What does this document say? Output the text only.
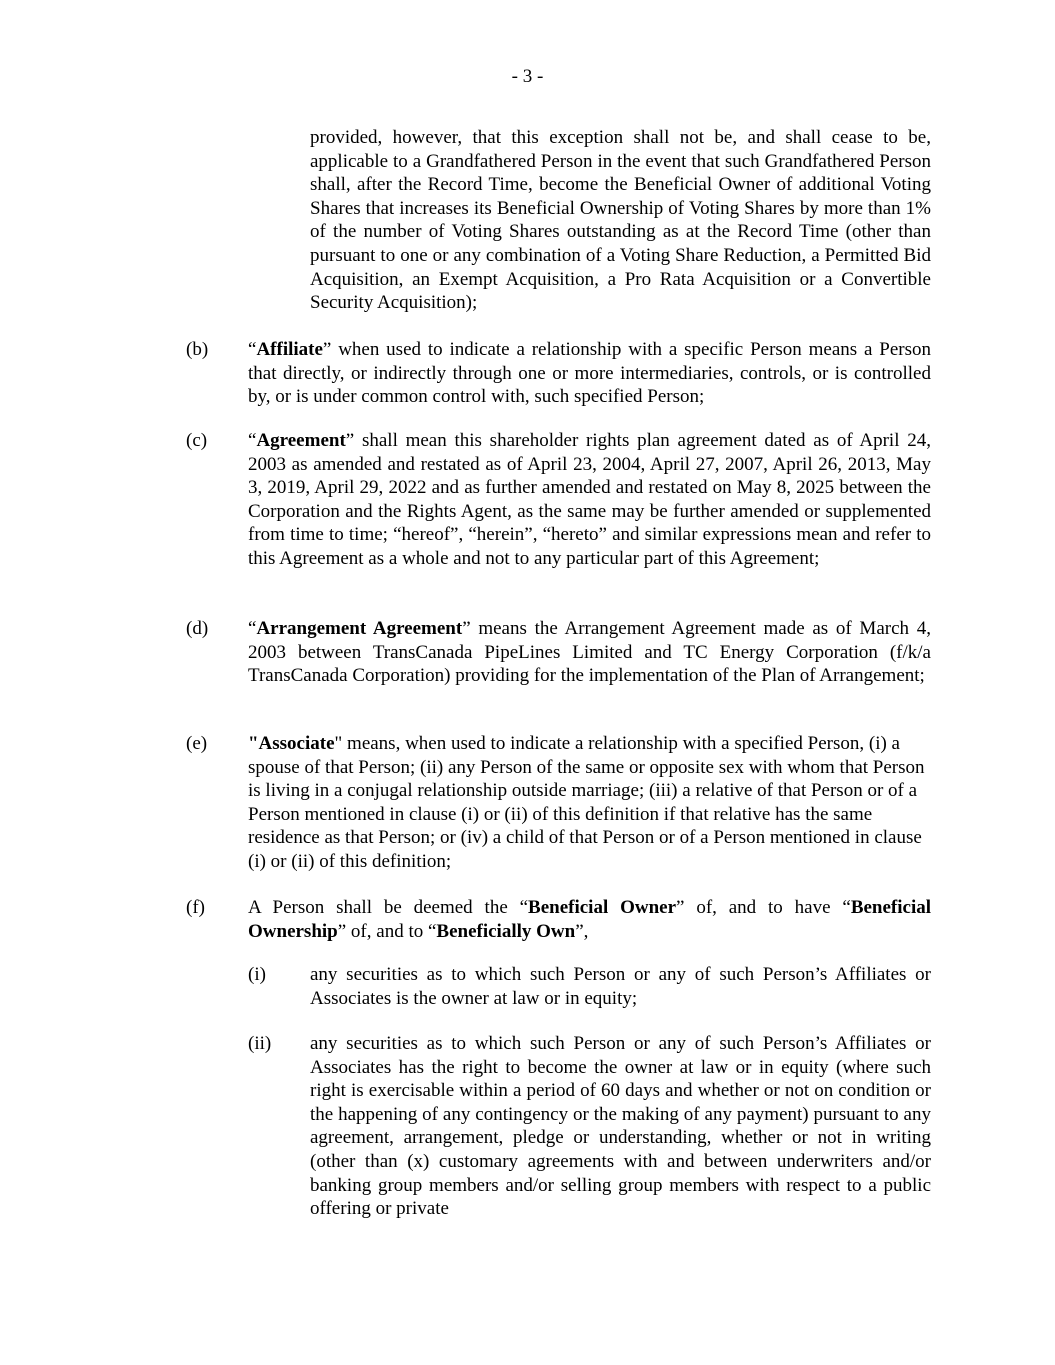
- 3 -

provided, however, that this exception shall not be, and shall cease to be, applicable to a Grandfathered Person in the event that such Grandfathered Person shall, after the Record Time, become the Beneficial Owner of additional Voting Shares that increases its Beneficial Ownership of Voting Shares by more than 1% of the number of Voting Shares outstanding as at the Record Time (other than pursuant to one or any combination of a Voting Share Reduction, a Permitted Bid Acquisition, an Exempt Acquisition, a Pro Rata Acquisition or a Convertible Security Acquisition);

(b) “Affiliate” when used to indicate a relationship with a specific Person means a Person that directly, or indirectly through one or more intermediaries, controls, or is controlled by, or is under common control with, such specified Person;

(c) “Agreement” shall mean this shareholder rights plan agreement dated as of April 24, 2003 as amended and restated as of April 23, 2004, April 27, 2007, April 26, 2013, May 3, 2019, April 29, 2022 and as further amended and restated on May 8, 2025 between the Corporation and the Rights Agent, as the same may be further amended or supplemented from time to time; “hereof”, “herein”, “hereto” and similar expressions mean and refer to this Agreement as a whole and not to any particular part of this Agreement;

(d) “Arrangement Agreement” means the Arrangement Agreement made as of March 4, 2003 between TransCanada PipeLines Limited and TC Energy Corporation (f/k/a TransCanada Corporation) providing for the implementation of the Plan of Arrangement;

(e) "Associate" means, when used to indicate a relationship with a specified Person, (i) a spouse of that Person; (ii) any Person of the same or opposite sex with whom that Person is living in a conjugal relationship outside marriage; (iii) a relative of that Person or of a Person mentioned in clause (i) or (ii) of this definition if that relative has the same residence as that Person; or (iv) a child of that Person or of a Person mentioned in clause (i) or (ii) of this definition;

(f) A Person shall be deemed the “Beneficial Owner” of, and to have “Beneficial Ownership” of, and to “Beneficially Own”,

(i) any securities as to which such Person or any of such Person’s Affiliates or Associates is the owner at law or in equity;

(ii) any securities as to which such Person or any of such Person’s Affiliates or Associates has the right to become the owner at law or in equity (where such right is exercisable within a period of 60 days and whether or not on condition or the happening of any contingency or the making of any payment) pursuant to any agreement, arrangement, pledge or understanding, whether or not in writing (other than (x) customary agreements with and between underwriters and/or banking group members and/or selling group members with respect to a public offering or private
